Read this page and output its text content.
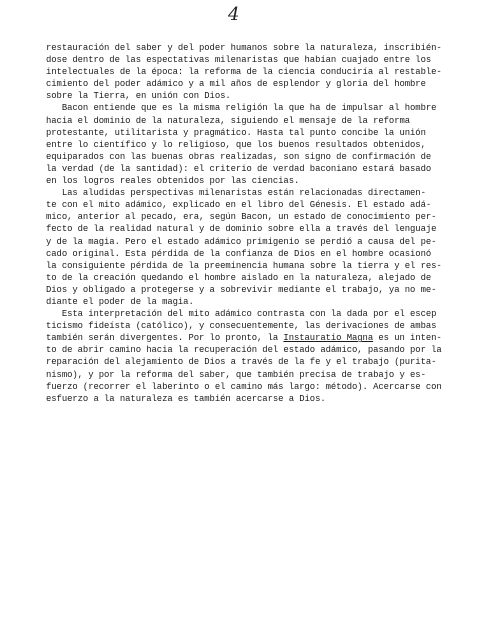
4
restauración del saber y del poder humanos sobre la naturaleza, inscribién-
dose dentro de las espectativas milenaristas que habían cuajado entre los
intelectuales de la época: la reforma de la ciencia conduciría al restable-
cimiento del poder adámico y a mil años de esplendor y gloria del hombre
sobre la Tierra, en unión con Dios.
Bacon entiende que es la misma religión la que ha de impulsar al hombre
hacia el dominio de la naturaleza, siguiendo el mensaje de la reforma
protestante, utilitarista y pragmático. Hasta tal punto concibe la unión
entre lo científico y lo religioso, que los buenos resultados obtenidos,
equiparados con las buenas obras realizadas, son signo de confirmación de
la verdad (de la santidad): el criterio de verdad baconiano estará basado
en los logros reales obtenidos por las ciencias.
Las aludidas perspectivas milenaristas están relacionadas directamen-
te con el mito adámico, explicado en el libro del Génesis. El estado adá-
mico, anterior al pecado, era, según Bacon, un estado de conocimiento per-
fecto de la realidad natural y de dominio sobre ella a través del lenguaje
y de la magia. Pero el estado adámico primigenio se perdió a causa del pe-
cado original. Esta pérdida de la confianza de Dios en el hombre ocasionó
la consiguiente pérdida de la preeminencia humana sobre la tierra y el res-
to de la creación quedando el hombre aislado en la naturaleza, alejado de
Dios y obligado a protegerse y a sobrevivir mediante el trabajo, ya no me-
diante el poder de la magia.
Esta interpretación del mito adámico contrasta con la dada por el escep
ticismo fideísta (católico), y consecuentemente, las derivaciones de ambas
también serán divergentes. Por lo pronto, la Instauratio Magna es un inten-
to de abrir camino hacia la recuperación del estado adámico, pasando por la
reparación del alejamiento de Dios a través de la fe y el trabajo (purita-
nismo), y por la reforma del saber, que también precisa de trabajo y es-
fuerzo (recorrer el laberinto o el camino más largo: método). Acercarse con
esfuerzo a la naturaleza es también acercarse a Dios.
